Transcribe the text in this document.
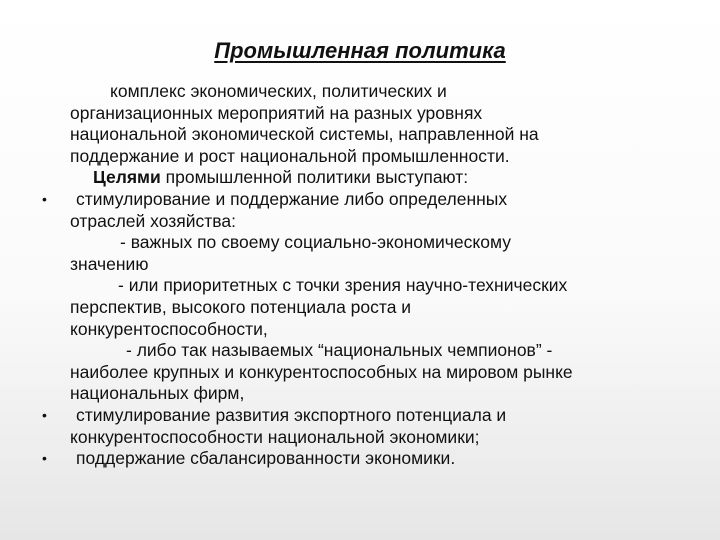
Промышленная политика

комплекс экономических, политических и

организационных мероприятий на разных уровнях

национальной экономической системы, направленной на

поддержание и рост национальной промышленности.

Целями промышленной политики выступают:

• стимулирование и поддержание либо определенных

отраслей хозяйства:

- важных по своему социально-экономическому

значению

- или приоритетных с точки зрения научно-технических

перспектив, высокого потенциала роста и

конкурентоспособности,

- либо так называемых “национальных чемпионов” -

наиболее крупных и конкурентоспособных на мировом рынке

национальных фирм,

• стимулирование развития экспортного потенциала и

конкурентоспособности национальной экономики;

• поддержание сбалансированности экономики.
